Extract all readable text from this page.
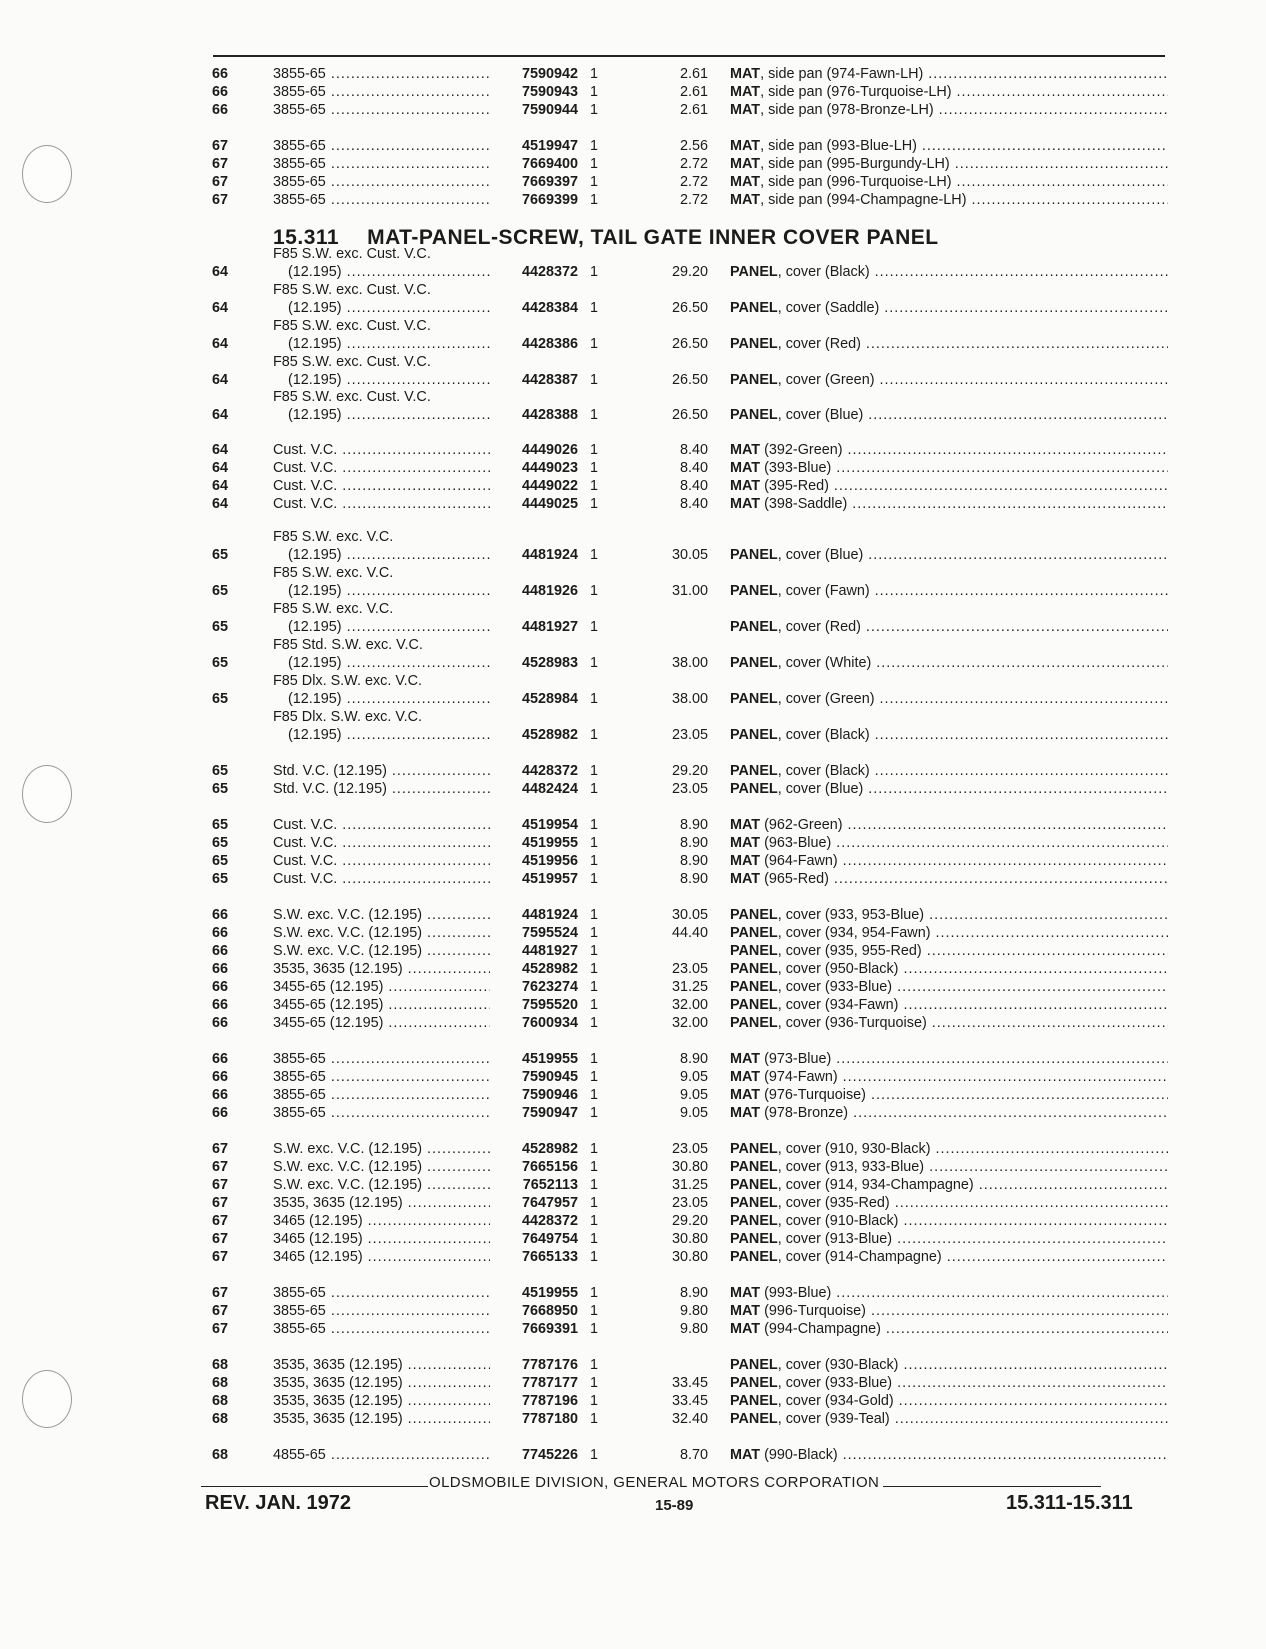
15.311 MAT-PANEL-SCREW, TAIL GATE INNER COVER PANEL
66	3855-65 .....	7590942 1	2.61 MAT, side pan (974-Fawn-LH) .....
66	3855-65 .....	7590943 1	2.61 MAT, side pan (976-Turquoise-LH) .....
66	3855-65 .....	7590944 1	2.61 MAT, side pan (978-Bronze-LH) .....
67	3855-65 .....	4519947 1	2.56 MAT, side pan (993-Blue-LH) .....
67	3855-65 .....	7669400 1	2.72 MAT, side pan (995-Burgundy-LH) .....
67	3855-65 .....	7669397 1	2.72 MAT, side pan (996-Turquoise-LH) .....
67	3855-65 .....	7669399 1	2.72 MAT, side pan (994-Champagne-LH) .....
F85 S.W. exc. Cust. V.C.
64	(12.195) .....	4428372 1	29.20 PANEL, cover (Black) .....
F85 S.W. exc. Cust. V.C.
64	(12.195) .....	4428384 1	26.50 PANEL, cover (Saddle) .....
F85 S.W. exc. Cust. V.C.
64	(12.195) .....	4428386 1	26.50 PANEL, cover (Red) .....
F85 S.W. exc. Cust. V.C.
64	(12.195) .....	4428387 1	26.50 PANEL, cover (Green) .....
F85 S.W. exc. Cust. V.C.
64	(12.195) .....	4428388 1	26.50 PANEL, cover (Blue) .....
64	Cust. V.C. .....	4449026 1	8.40 MAT (392-Green) .....
64	Cust. V.C. .....	4449023 1	8.40 MAT (393-Blue) .....
64	Cust. V.C. .....	4449022 1	8.40 MAT (395-Red) .....
64	Cust. V.C. .....	4449025 1	8.40 MAT (398-Saddle) .....
F85 S.W. exc. V.C.
65	(12.195) .....	4481924 1	30.05 PANEL, cover (Blue) .....
F85 S.W. exc. V.C.
65	(12.195) .....	4481926 1	31.00 PANEL, cover (Fawn) .....
F85 S.W. exc. V.C.
65	(12.195) .....	4481927 1	PANEL, cover (Red) .....
F85 Std. S.W. exc. V.C.
65	(12.195) .....	4528983 1	38.00 PANEL, cover (White) .....
F85 Dlx. S.W. exc. V.C.
65	(12.195) .....	4528984 1	38.00 PANEL, cover (Green) .....
F85 Dlx. S.W. exc. V.C.
(12.195) .....	4528982 1	23.05 PANEL, cover (Black) .....
65	Std. V.C. (12.195) .....	4428372 1	29.20 PANEL, cover (Black) .....
65	Std. V.C. (12.195) .....	4482424 1	23.05 PANEL, cover (Blue) .....
65	Cust. V.C. .....	4519954 1	8.90 MAT (962-Green) .....
65	Cust. V.C. .....	4519955 1	8.90 MAT (963-Blue) .....
65	Cust. V.C. .....	4519956 1	8.90 MAT (964-Fawn) .....
65	Cust. V.C. .....	4519957 1	8.90 MAT (965-Red) .....
66	S.W. exc. V.C. (12.195) .....	4481924 1	30.05 PANEL, cover (933, 953-Blue) .....
66	S.W. exc. V.C. (12.195) .....	7595524 1	44.40 PANEL, cover (934, 954-Fawn) .....
66	S.W. exc. V.C. (12.195) .....	4481927 1	PANEL, cover (935, 955-Red) .....
66	3535, 3635 (12.195) .....	4528982 1	23.05 PANEL, cover (950-Black) .....
66	3455-65 (12.195) .....	7623274 1	31.25 PANEL, cover (933-Blue) .....
66	3455-65 (12.195) .....	7595520 1	32.00 PANEL, cover (934-Fawn) .....
66	3455-65 (12.195) .....	7600934 1	32.00 PANEL, cover (936-Turquoise) .....
66	3855-65 .....	4519955 1	8.90 MAT (973-Blue) .....
66	3855-65 .....	7590945 1	9.05 MAT (974-Fawn) .....
66	3855-65 .....	7590946 1	9.05 MAT (976-Turquoise) .....
66	3855-65 .....	7590947 1	9.05 MAT (978-Bronze) .....
67	S.W. exc. V.C. (12.195) .....	4528982 1	23.05 PANEL, cover (910, 930-Black) .....
67	S.W. exc. V.C. (12.195) .....	7665156 1	30.80 PANEL, cover (913, 933-Blue) .....
67	S.W. exc. V.C. (12.195) .....	7652113 1	31.25 PANEL, cover (914, 934-Champagne) .....
67	3535, 3635 (12.195) .....	7647957 1	23.05 PANEL, cover (935-Red) .....
67	3465 (12.195) .....	4428372 1	29.20 PANEL, cover (910-Black) .....
67	3465 (12.195) .....	7649754 1	30.80 PANEL, cover (913-Blue) .....
67	3465 (12.195) .....	7665133 1	30.80 PANEL, cover (914-Champagne) .....
67	3855-65 .....	4519955 1	8.90 MAT (993-Blue) .....
67	3855-65 .....	7668950 1	9.80 MAT (996-Turquoise) .....
67	3855-65 .....	7669391 1	9.80 MAT (994-Champagne) .....
68	3535, 3635 (12.195) .....	7787176 1	PANEL, cover (930-Black) .....
68	3535, 3635 (12.195) .....	7787177 1	33.45 PANEL, cover (933-Blue) .....
68	3535, 3635 (12.195) .....	7787196 1	33.45 PANEL, cover (934-Gold) .....
68	3535, 3635 (12.195) .....	7787180 1	32.40 PANEL, cover (939-Teal) .....
68	4855-65 .....	7745226 1	8.70 MAT (990-Black) .....
OLDSMOBILE DIVISION, GENERAL MOTORS CORPORATION
REV. JAN. 1972	15-89	15.311-15.311
